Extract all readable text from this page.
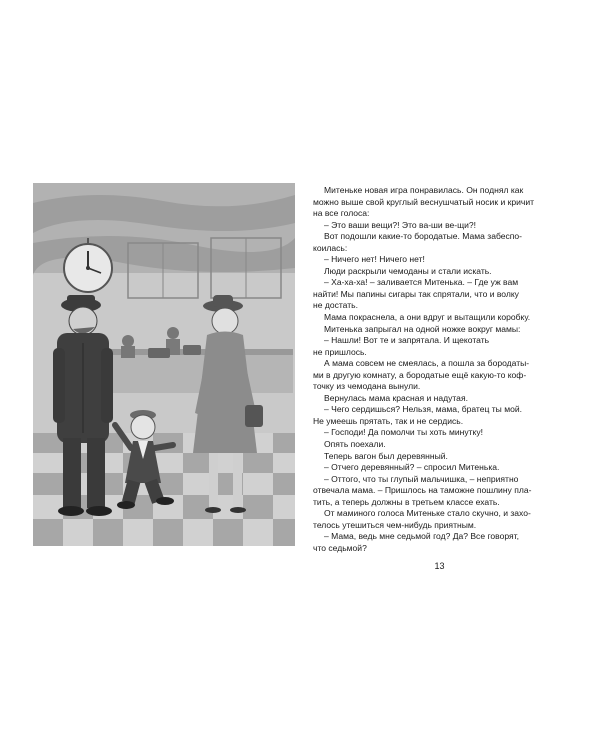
Митеньке новая игра понравилась. Он поднял как
можно выше свой круглый веснушчатый носик и кричит
на все голоса:

– Это ваши вещи?! Это ва-ши ве-щи?!

Вот подошли какие-то бородатые. Мама забеспо-
коилась:

– Ничего нет! Ничего нет!

Люди раскрыли чемоданы и стали искать.

– Ха-ха-ха! – заливается Митенька. – Где уж вам
найти! Мы папины сигары так спрятали, что и волку
не достать.

Мама покраснела, а они вдруг и вытащили коробку.

Митенька запрыгал на одной ножке вокруг мамы:

– Нашли! Вот те и запрятала. И щекотать
не пришлось.

А мама совсем не смеялась, а пошла за бородаты-
ми в другую комнату, а бородатые ещё какую-то коф-
точку из чемодана вынули.

Вернулась мама красная и надутая.

– Чего сердишься? Нельзя, мама, братец ты мой.
Не умеешь прятать, так и не сердись.

– Господи! Да помолчи ты хоть минутку!

Опять поехали.

Теперь вагон был деревянный.

– Отчего деревянный? – спросил Митенька.

– Оттого, что ты глупый мальчишка, – неприятно
отвечала мама. – Пришлось на таможне пошлину пла-
тить, а теперь должны в третьем классе ехать.

От маминого голоса Митеньке стало скучно, и захо-
телось утешиться чем-нибудь приятным.

– Мама, ведь мне седьмой год? Да? Все говорят,
что седьмой?

13
